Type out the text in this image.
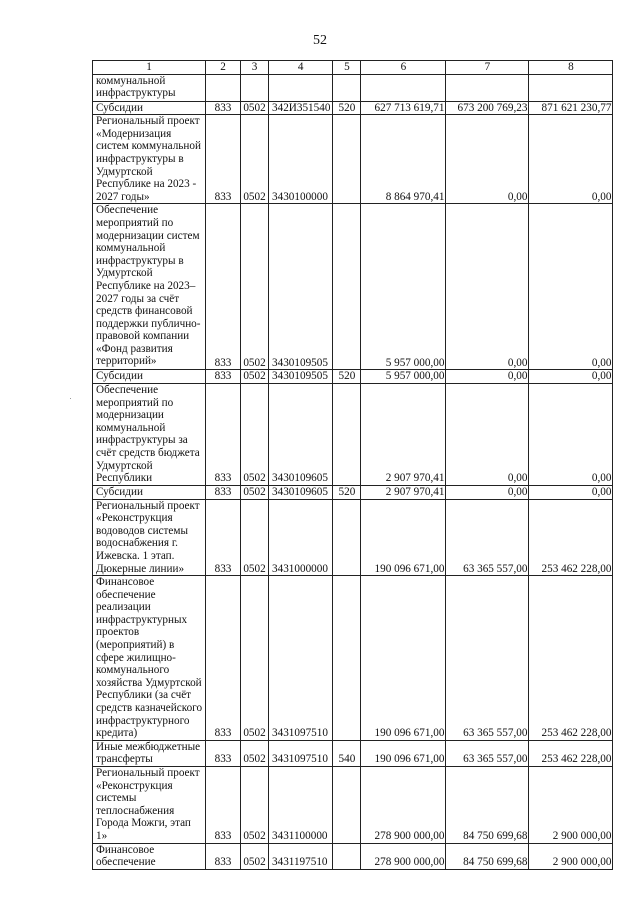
52
1	2	3	4	5	6	7	8
коммунальной инфраструктуры							
Субсидии	833	0502	342И351540	520	627 713 619,71	673 200 769,23	871 621 230,77
Региональный проект «Модернизация систем коммунальной инфраструктуры в Удмуртской Республике на 2023 - 2027 годы»	833	0502	3430100000		8 864 970,41	0,00	0,00
Обеспечение мероприятий по модернизации систем коммунальной инфраструктуры в Удмуртской Республике на 2023–2027 годы за счёт средств финансовой поддержки публично-правовой компании «Фонд развития территорий»	833	0502	3430109505		5 957 000,00	0,00	0,00
Субсидии	833	0502	3430109505	520	5 957 000,00	0,00	0,00
Обеспечение мероприятий по модернизации коммунальной инфраструктуры за счёт средств бюджета Удмуртской Республики	833	0502	3430109605		2 907 970,41	0,00	0,00
Субсидии	833	0502	3430109605	520	2 907 970,41	0,00	0,00
Региональный проект «Реконструкция водоводов системы водоснабжения г. Ижевска. 1 этап. Дюкерные линии»	833	0502	3431000000		190 096 671,00	63 365 557,00	253 462 228,00
Финансовое обеспечение реализации инфраструктурных проектов (мероприятий) в сфере жилищно-коммунального хозяйства Удмуртской Республики (за счёт средств казначейского инфраструктурного кредита)	833	0502	3431097510		190 096 671,00	63 365 557,00	253 462 228,00
Иные межбюджетные трансферты	833	0502	3431097510	540	190 096 671,00	63 365 557,00	253 462 228,00
Региональный проект «Реконструкция системы теплоснабжения Города Можги, этап 1»	833	0502	3431100000		278 900 000,00	84 750 699,68	2 900 000,00
Финансовое обеспечение	833	0502	3431197510		278 900 000,00	84 750 699,68	2 900 000,00
